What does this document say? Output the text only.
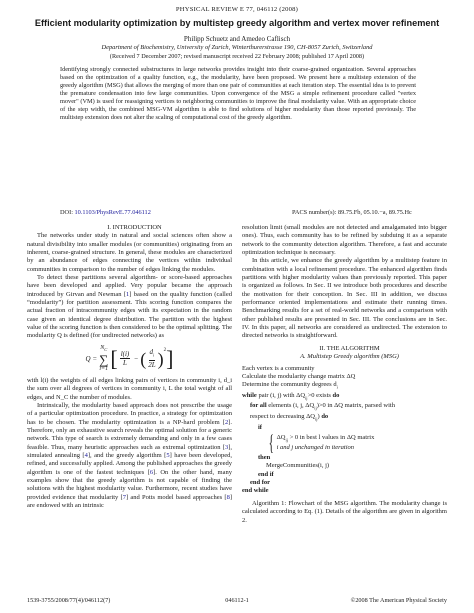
PHYSICAL REVIEW E 77, 046112 (2008)
Efficient modularity optimization by multistep greedy algorithm and vertex mover refinement
Philipp Schuetz and Amedeo Caflisch
Department of Biochemistry, University of Zurich, Winterthurerstrasse 190, CH-8057 Zurich, Switzerland
(Received 7 December 2007; revised manuscript received 22 February 2008; published 17 April 2008)
Identifying strongly connected substructures in large networks provides insight into their coarse-grained organization. Several approaches based on the optimization of a quality function, e.g., the modularity, have been proposed. We present here a multistep extension of the greedy algorithm (MSG) that allows the merging of more than one pair of communities at each iteration step. The essential idea is to prevent the premature condensation into few large communities. Upon convergence of the MSG a simple refinement procedure called "vertex mover" (VM) is used for reassigning vertices to neighboring communities to improve the final modularity value. With an appropriate choice of the step width, the combined MSG-VM algorithm is able to find solutions of higher modularity than those reported previously. The multistep extension does not alter the scaling of computational cost of the greedy algorithm.
DOI: 10.1103/PhysRevE.77.046112	PACS number(s): 89.75.Fb, 05.10.−a, 89.75.Hc

I. INTRODUCTION

The networks under study in natural and social sciences often show a natural divisibility into smaller modules (or communities) originating from an inherent, coarse-grained structure. In general, these modules are characterized by an abundance of edges connecting the vertices within individual communities in comparison to the number of edges linking the modules.

To detect these partitions several algorithm- or score-based approaches have been developed and applied. Very popular became the approach introduced by Girvan and Newman [1] based on the quality function (called “modularity”) for partition assessment. This scoring function compares the actual fraction of intracommunity edges with its expectation in the random case given an identical degree distribution. The partition with the highest value of the scoring function is then considered to be the optimal splitting. The modularity Q is defined (for undirected networks) as

Q =
$N_C$
∑
i=1 [ $\frac{l(i)}{L}$ − ( $\frac{d_i}{2L} )^2$ ]

with l(i) the weights of all edges linking pairs of vertices in community i, d_i the sum over all degrees of vertices in community i, L the total weight of all edges, and N_C the number of modules.

Intrinsically, the modularity based approach does not prescribe the usage of a particular optimization procedure. In practice, a strategy for optimization has to be chosen. The modularity optimization is a NP-hard problem [2]. Therefore, only an exhaustive search reveals the optimal solution for a generic network. This type of search is extremely demanding and only in a few cases feasible. Thus, many heuristic approaches such as extremal optimization [3], simulated annealing [4], and the greedy algorithm [5] have been developed, refined, and successfully applied. Among the published approaches the greedy algorithm is one of the fastest techniques [6]. On the other hand, many examples show that the greedy algorithm is not capable of finding the solutions with the highest modularity value. Furthermore, recent studies have provided evidence that modularity [7] and Potts model based approaches [8] are endowed with an intrinsic

resolution limit (small modules are not detected and amalgamated into bigger ones). Thus, each community has to be refined by subduing it as a separate network to the community detection algorithm. Therefore, a fast and accurate optimization technique is necessary.

In this article, we enhance the greedy algorithm by a multistep feature in combination with a local refinement procedure. The enhanced algorithm finds partitions with higher modularity values than previously reported. This paper is organized as follows. In Sec. II we introduce both procedures and describe the motivation for their conception. In Sec. III in addition, we discuss performance oriented implementations and estimate their running times. Benchmarking results for a set of real-world networks and a comparison with other published results are presented in Sec. III. The conclusions are in Sec. IV. In this paper, all networks are considered as undirected. The extension to directed networks is straightforward.

II. THE ALGORITHM

A. Multistep Greedy algorithm (MSG)

Each vertex is a community
Calculate the modularity change matrix ΔQ
Determine the community degrees $d_i$
while pair (i, j) with $\Delta Q_{ij}>0$ exists do
for all elements (i, j, $\Delta Q_{ij})>0$ in ΔQ matrix, parsed with
respect to decreasing $\Delta Q_{ij}$) do
if
{ $\Delta Q_{ij} > 0$ in best l values in ΔQ matrix
i and j unchanged in iteration
then
MergeCommunities(i, j)
end if
end for
end while

Algorithm 1: Flowchart of the MSG algorithm. The modularity change is calculated according to Eq. (1). Details of the algorithm are given in algorithm 2.

1539-3755/2008/77(4)/046112(7)	046112-1	©2008 The American Physical Society
